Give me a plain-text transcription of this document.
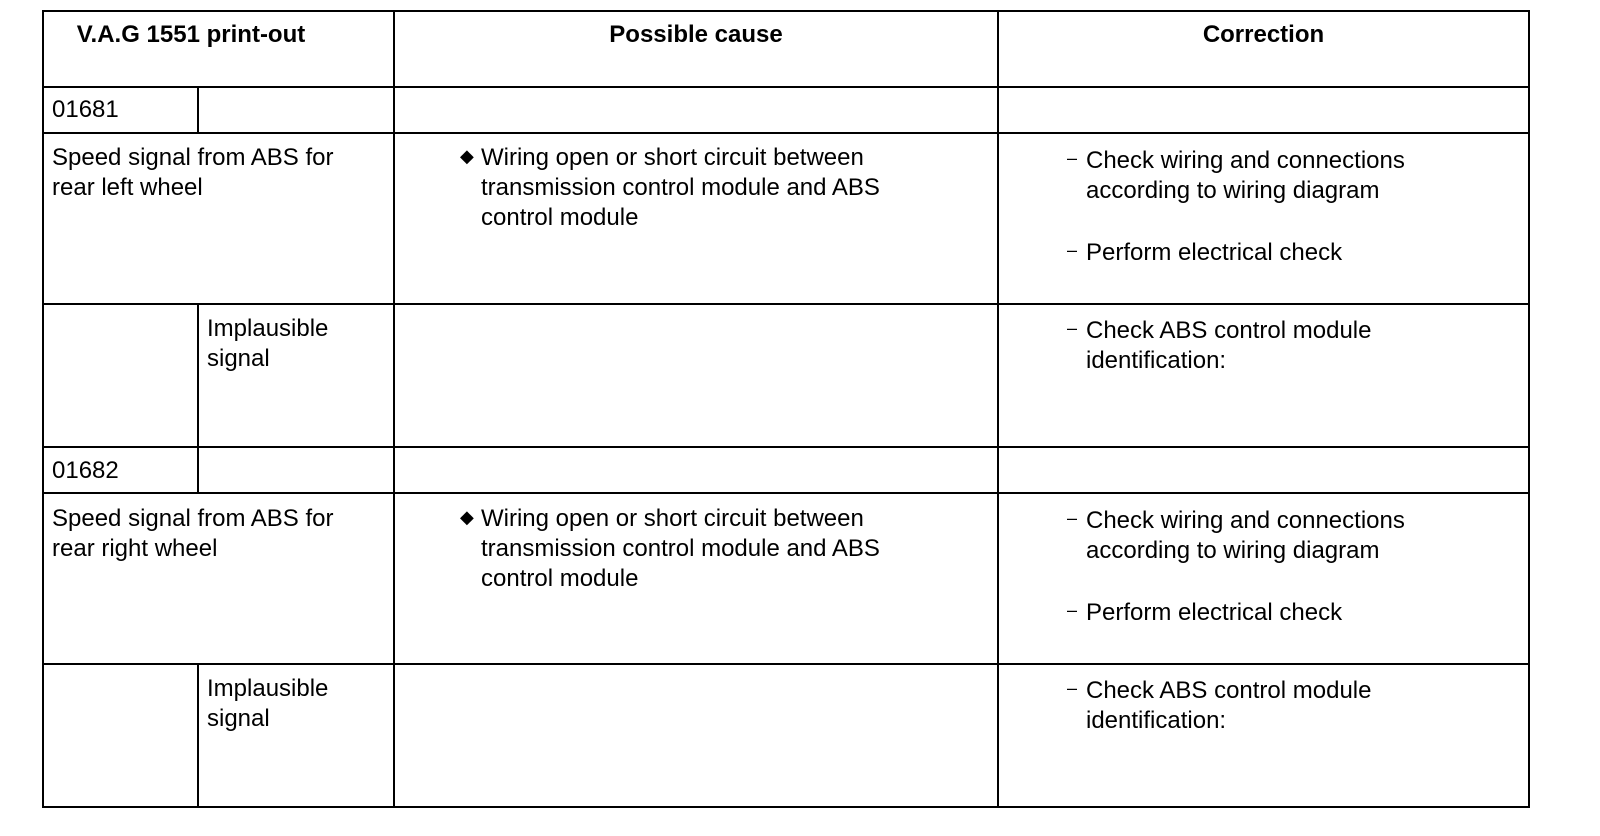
V.A.G 1551 print-out	Possible cause	Correction
01681
Speed signal from ABS for rear left wheel
◆ Wiring open or short circuit between transmission control module and ABS control module
– Check wiring and connections according to wiring diagram
– Perform electrical check
Implausible signal
– Check ABS control module identification:
01682
Speed signal from ABS for rear right wheel
◆ Wiring open or short circuit between transmission control module and ABS control module
– Check wiring and connections according to wiring diagram
– Perform electrical check
Implausible signal
– Check ABS control module identification:
